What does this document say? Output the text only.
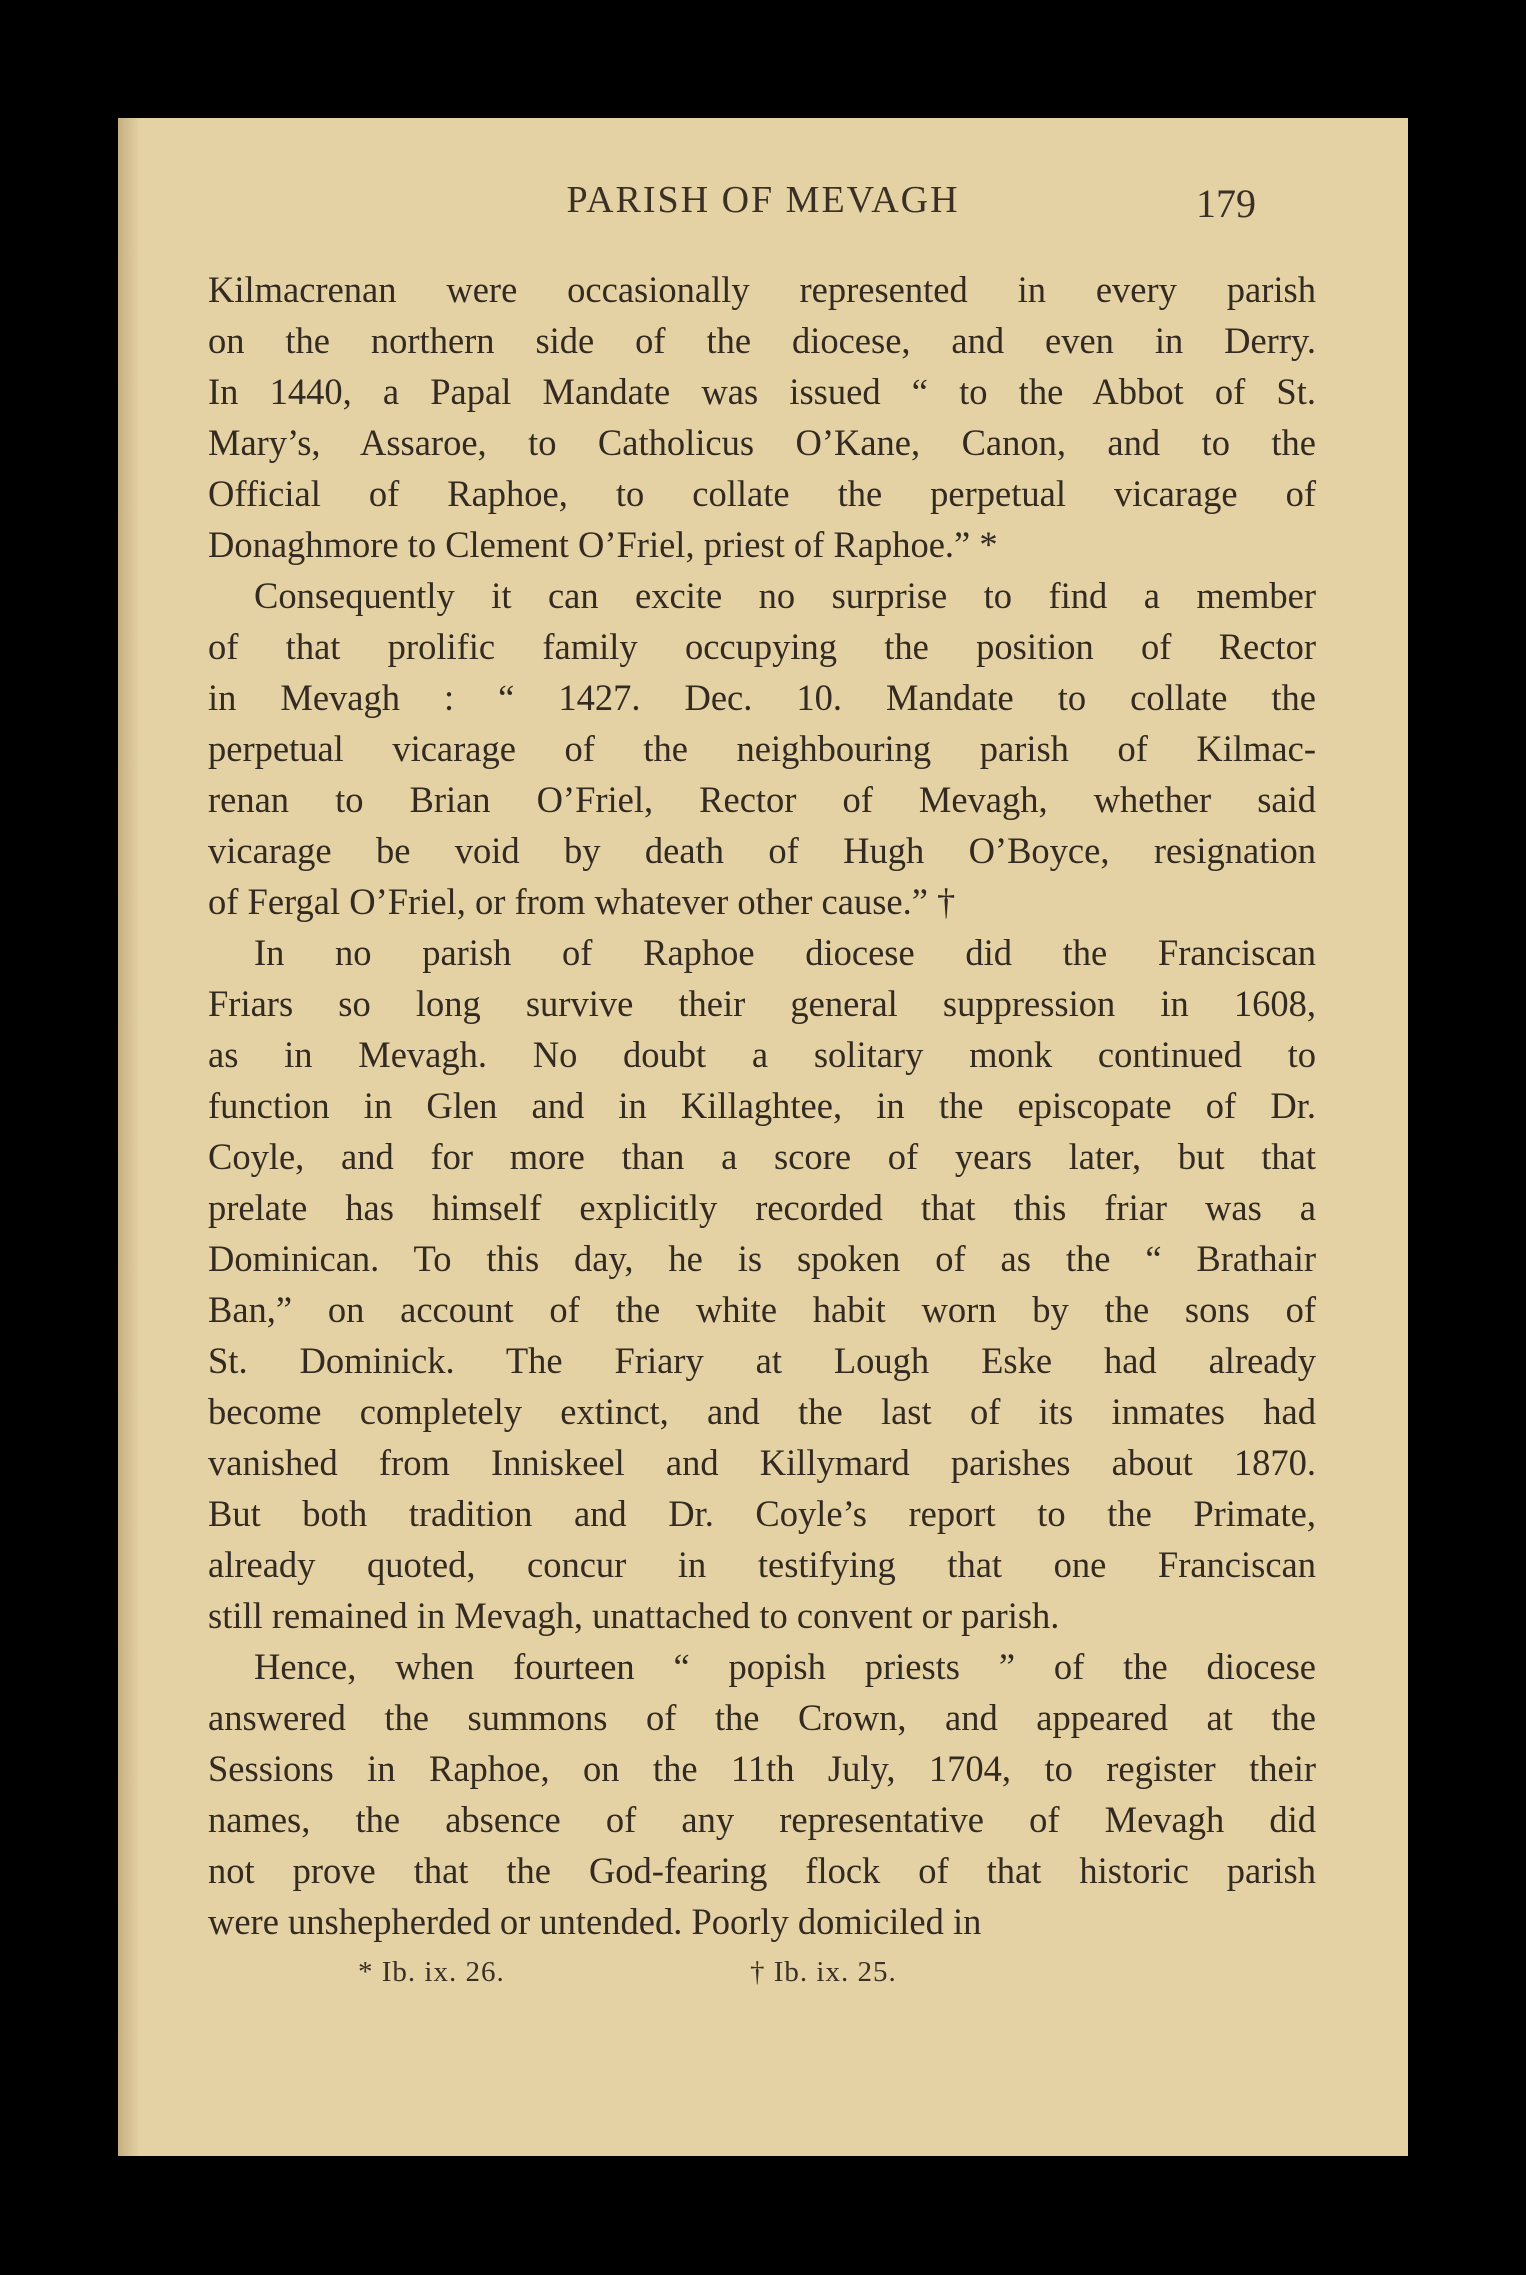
PARISH OF MEVAGH	179

Kilmacrenan were occasionally represented in every parish
on the northern side of the diocese, and even in Derry.
In 1440, a Papal Mandate was issued “ to the Abbot of St.
Mary’s, Assaroe, to Catholicus O’Kane, Canon, and to the
Official of Raphoe, to collate the perpetual vicarage of
Donaghmore to Clement O’Friel, priest of Raphoe.” *

Consequently it can excite no surprise to find a member
of that prolific family occupying the position of Rector
in Mevagh : “ 1427. Dec. 10. Mandate to collate the
perpetual vicarage of the neighbouring parish of Kilmac-
renan to Brian O’Friel, Rector of Mevagh, whether said
vicarage be void by death of Hugh O’Boyce, resignation
of Fergal O’Friel, or from whatever other cause.” †

In no parish of Raphoe diocese did the Franciscan
Friars so long survive their general suppression in 1608,
as in Mevagh. No doubt a solitary monk continued to
function in Glen and in Killaghtee, in the episcopate of Dr.
Coyle, and for more than a score of years later, but that
prelate has himself explicitly recorded that this friar was a
Dominican. To this day, he is spoken of as the “ Brathair
Ban,” on account of the white habit worn by the sons of
St. Dominick. The Friary at Lough Eske had already
become completely extinct, and the last of its inmates had
vanished from Inniskeel and Killymard parishes about 1870.
But both tradition and Dr. Coyle’s report to the Primate,
already quoted, concur in testifying that one Franciscan
still remained in Mevagh, unattached to convent or parish.

Hence, when fourteen “ popish priests ” of the diocese
answered the summons of the Crown, and appeared at the
Sessions in Raphoe, on the 11th July, 1704, to register their
names, the absence of any representative of Mevagh did
not prove that the God-fearing flock of that historic parish
were unshepherded or untended. Poorly domiciled in

* Ib. ix. 26.	† Ib. ix. 25.
